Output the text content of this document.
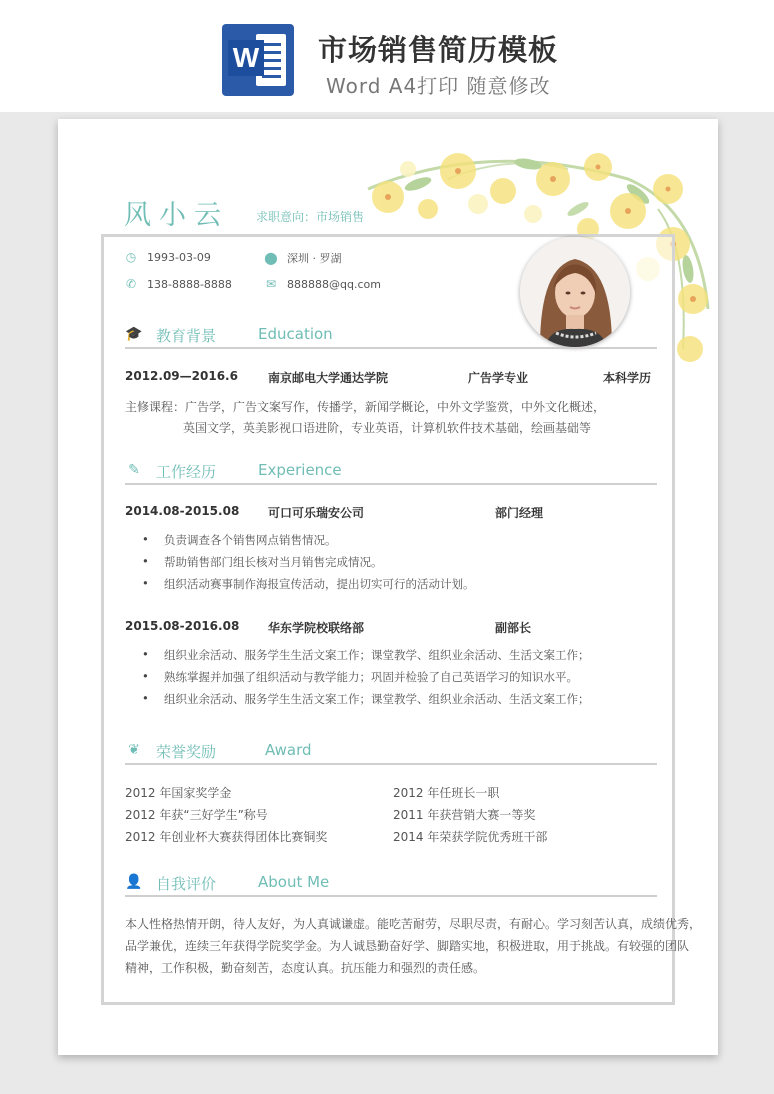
W 市场销售简历模板
Word A4打印 随意修改
风小云 求职意向：市场销售
◷ 1993-03-09	⬤ 深圳 · 罗湖
✆ 138-8888-8888	✉ 888888@qq.com
🎓 教育背景	Education
2012.09—2016.6	南京邮电大学通达学院	广告学专业	本科学历
主修课程：广告学，广告文案写作，传播学，新闻学概论，中外文学鉴赏，中外文化概述，
英国文学，英美影视口语进阶，专业英语，计算机软件技术基础，绘画基础等
✎ 工作经历	Experience
2014.08-2015.08 可口可乐瑞安公司	部门经理
• 负责调查各个销售网点销售情况。
• 帮助销售部门组长核对当月销售完成情况。
• 组织活动赛事制作海报宣传活动，提出切实可行的活动计划。
2015.08-2016.08 华东学院校联络部	副部长
• 组织业余活动、服务学生生活文案工作；课堂教学、组织业余活动、生活文案工作；
• 熟练掌握并加强了组织活动与教学能力；巩固并检验了自己英语学习的知识水平。
• 组织业余活动、服务学生生活文案工作；课堂教学、组织业余活动、生活文案工作；
❦ 荣誉奖励	Award
2012 年国家奖学金	2012 年任班长一职
2012 年获“三好学生”称号	2011 年获营销大赛一等奖
2012 年创业杯大赛获得团体比赛铜奖	2014 年荣获学院优秀班干部
👤 自我评价	About Me
本人性格热情开朗，待人友好，为人真诚谦虚。能吃苦耐劳，尽职尽责，有耐心。学习刻苦认真，成绩优秀，
品学兼优，连续三年获得学院奖学金。为人诚恳勤奋好学、脚踏实地，积极进取，用于挑战。有较强的团队
精神，工作积极，勤奋刻苦，态度认真。抗压能力和强烈的责任感。
